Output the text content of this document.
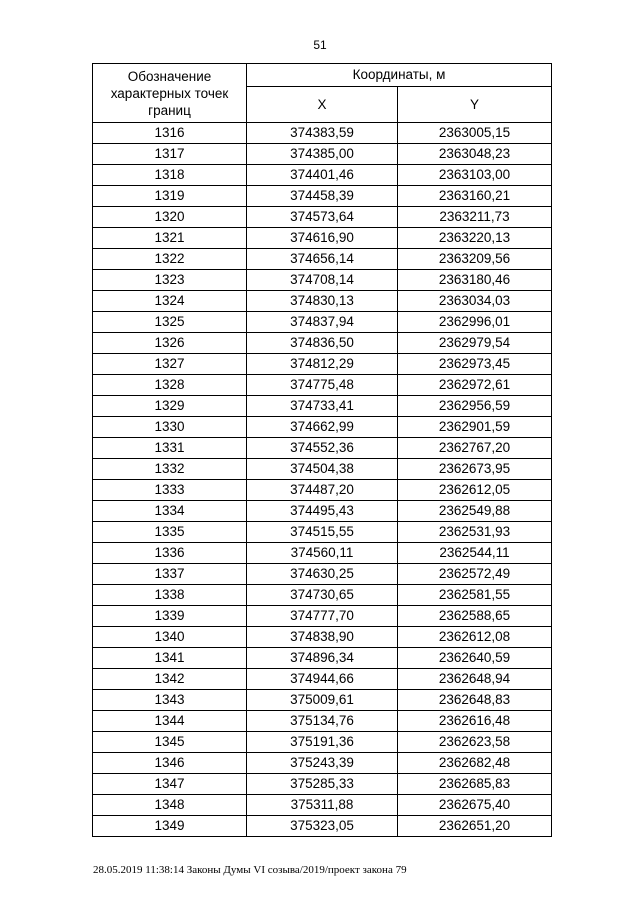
51
Обозначение характерных точек границ	Координаты, м	
	X	Y
1316	374383,59	2363005,15
1317	374385,00	2363048,23
1318	374401,46	2363103,00
1319	374458,39	2363160,21
1320	374573,64	2363211,73
1321	374616,90	2363220,13
1322	374656,14	2363209,56
1323	374708,14	2363180,46
1324	374830,13	2363034,03
1325	374837,94	2362996,01
1326	374836,50	2362979,54
1327	374812,29	2362973,45
1328	374775,48	2362972,61
1329	374733,41	2362956,59
1330	374662,99	2362901,59
1331	374552,36	2362767,20
1332	374504,38	2362673,95
1333	374487,20	2362612,05
1334	374495,43	2362549,88
1335	374515,55	2362531,93
1336	374560,11	2362544,11
1337	374630,25	2362572,49
1338	374730,65	2362581,55
1339	374777,70	2362588,65
1340	374838,90	2362612,08
1341	374896,34	2362640,59
1342	374944,66	2362648,94
1343	375009,61	2362648,83
1344	375134,76	2362616,48
1345	375191,36	2362623,58
1346	375243,39	2362682,48
1347	375285,33	2362685,83
1348	375311,88	2362675,40
1349	375323,05	2362651,20
28.05.2019 11:38:14 Законы Думы VI созыва/2019/проект закона 79
